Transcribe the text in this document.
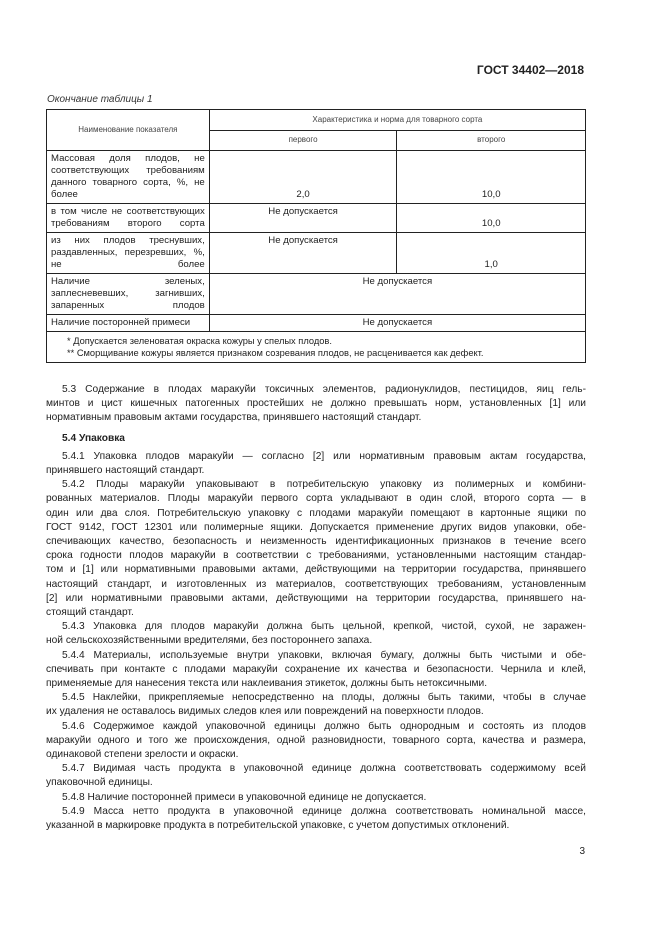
ГОСТ 34402—2018
Окончание таблицы 1
Наименование показателя	Характеристика и норма для товарного сорта	
	первого	второго
Массовая доля плодов, не соответствующих требованиям данного товарного сорта, %, не более	2,0	10,0
в том числе не соответствующих требованиям второго сорта	Не допускается	10,0
из них плодов треснувших, раздавленных, перезревших, %, не более	Не допускается	1,0
Наличие зеленых, заплесневевших, загнивших, запаренных плодов	Не допускается	
Наличие посторонней примеси	Не допускается	

* Допускается зеленоватая окраска кожуры у спелых плодов.
** Сморщивание кожуры является признаком созревания плодов, не расценивается как дефект.		
5.3 Содержание в плодах маракуйи токсичных элементов, радионуклидов, пестицидов, яиц гель-
минтов и цист кишечных патогенных простейших не должно превышать норм, установленных [1] или
нормативным правовым актами государства, принявшего настоящий стандарт.
5.4 Упаковка
5.4.1 Упаковка плодов маракуйи — согласно [2] или нормативным правовым актам государства,
принявшего настоящий стандарт.
5.4.2 Плоды маракуйи упаковывают в потребительскую упаковку из полимерных и комбини-
рованных материалов. Плоды маракуйи первого сорта укладывают в один слой, второго сорта — в
один или два слоя. Потребительскую упаковку с плодами маракуйи помещают в картонные ящики по
ГОСТ 9142, ГОСТ 12301 или полимерные ящики. Допускается применение других видов упаковки, обе-
спечивающих качество, безопасность и неизменность идентификационных признаков в течение всего
срока годности плодов маракуйи в соответствии с требованиями, установленными настоящим стандар-
том и [1] или нормативными правовыми актами, действующими на территории государства, принявшего
настоящий стандарт, и изготовленных из материалов, соответствующих требованиям, установленным
[2] или нормативными правовыми актами, действующими на территории государства, принявшего на-
стоящий стандарт.
5.4.3 Упаковка для плодов маракуйи должна быть цельной, крепкой, чистой, сухой, не заражен-
ной сельскохозяйственными вредителями, без постороннего запаха.
5.4.4 Материалы, используемые внутри упаковки, включая бумагу, должны быть чистыми и обе-
спечивать при контакте с плодами маракуйи сохранение их качества и безопасности. Чернила и клей,
применяемые для нанесения текста или наклеивания этикеток, должны быть нетоксичными.
5.4.5 Наклейки, прикрепляемые непосредственно на плоды, должны быть такими, чтобы в случае
их удаления не оставалось видимых следов клея или повреждений на поверхности плодов.
5.4.6 Содержимое каждой упаковочной единицы должно быть однородным и состоять из плодов
маракуйи одного и того же происхождения, одной разновидности, товарного сорта, качества и размера,
одинаковой степени зрелости и окраски.
5.4.7 Видимая часть продукта в упаковочной единице должна соответствовать содержимому всей
упаковочной единицы.
5.4.8 Наличие посторонней примеси в упаковочной единице не допускается.
5.4.9 Масса нетто продукта в упаковочной единице должна соответствовать номинальной массе,
указанной в маркировке продукта в потребительской упаковке, с учетом допустимых отклонений.
3
